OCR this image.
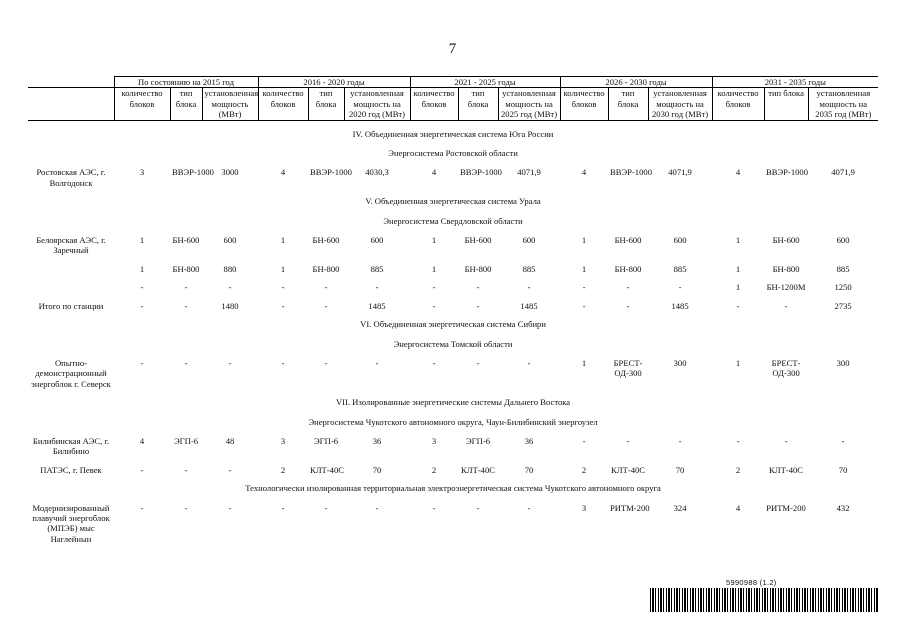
7
	По состоянию на 2015 год			2016 - 2020 годы			2021 - 2025 годы			2026 - 2030 годы			2031 - 2035 годы		
	количество блоков	тип блока	установленная мощность (МВт)	количество блоков	тип блока	установленная мощность на 2020 год (МВт)	количество блоков	тип блока	установленная мощность на 2025 год (МВт)	количество блоков	тип блока	установленная мощность на 2030 год (МВт)	количество блоков	тип блока	установленная мощность на 2035 год (МВт)
IV. Объединенная энергетическая система Юга России															
Энергосистема Ростовской области															
Ростовская АЭС, г. Волгодонск	3	ВВЭР-1000	3000	4	ВВЭР-1000	4030,3	4	ВВЭР-1000	4071,9	4	ВВЭР-1000	4071,9	4	ВВЭР-1000	4071,9
V. Объединенная энергетическая система Урала															
Энергосистема Свердловской области															
Белоярская АЭС, г. Заречный	1	БН-600	600	1	БН-600	600	1	БН-600	600	1	БН-600	600	1	БН-600	600
	1	БН-800	880	1	БН-800	885	1	БН-800	885	1	БН-800	885	1	БН-800	885
	-	-	-	-	-	-	-	-	-	-	-	-	1	БН-1200М	1250
Итого по станции	-	-	1480	-	-	1485	-	-	1485	-	-	1485	-	-	2735
VI. Объединенная энергетическая система Сибири															
Энергосистема Томской области															
Опытно-демонстрационный энергоблок г. Северск	-	-	-	-	-	-	-	-	-	1	БРЕСТ-ОД-300	300	1	БРЕСТ-ОД-300	300
VII. Изолированные энергетические системы Дальнего Востока															
Энергосистема Чукотского автономного округа, Чаун-Билибинский энергоузел															
Билибинская АЭС, г. Билибино	4	ЭГП-6	48	3	ЭГП-6	36	3	ЭГП-6	36	-	-	-	-	-	-
ПАТЭС, г. Певек	-	-	-	2	КЛТ-40С	70	2	КЛТ-40С	70	2	КЛТ-40С	70	2	КЛТ-40С	70
Технологически изолированная территориальная электроэнергетическая система Чукотского автономного округа															
Модернизированный плавучий энергоблок (МПЭБ) мыс Наглейнын	-	-	-	-	-	-	-	-	-	3	РИТМ-200	324	4	РИТМ-200	432
5990988 (1.2)
